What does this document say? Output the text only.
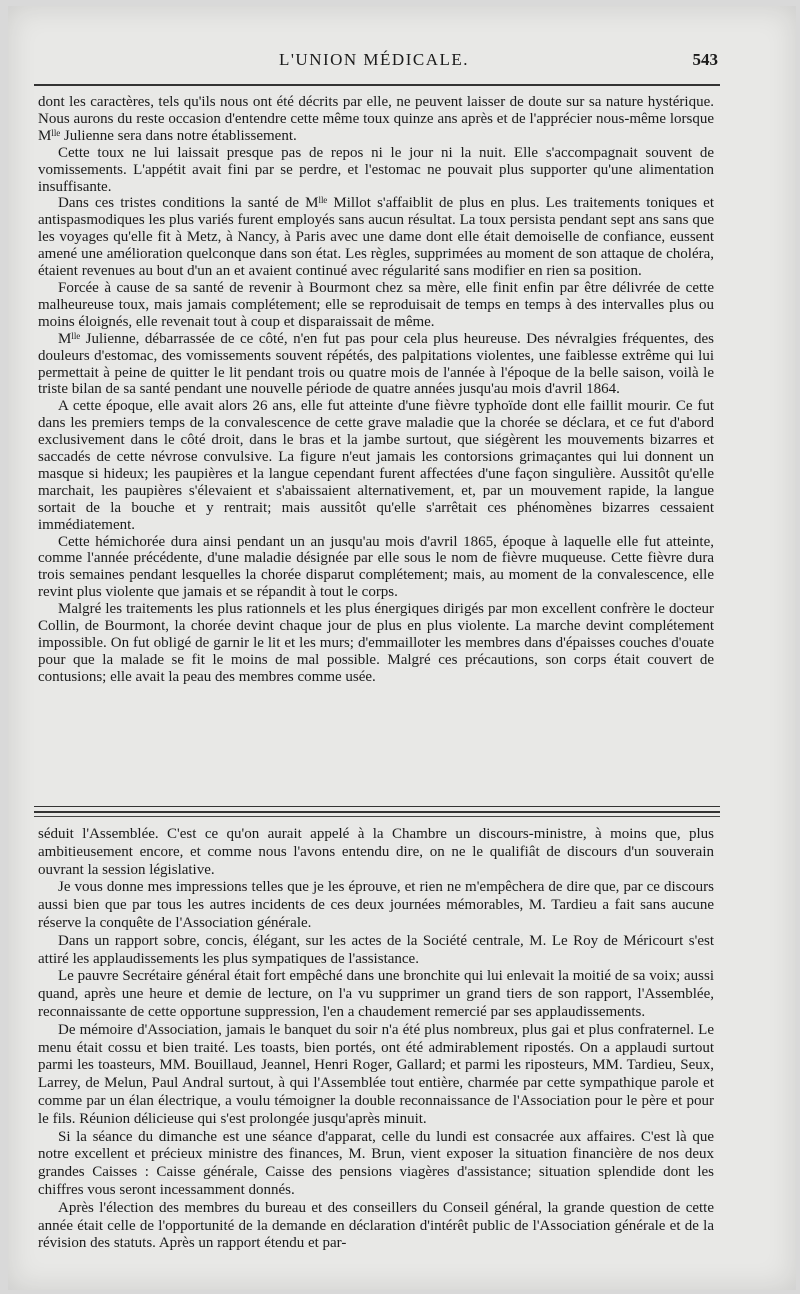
L'UNION MÉDICALE.	543

dont les caractères, tels qu'ils nous ont été décrits par elle, ne peuvent laisser de doute sur sa nature hystérique. Nous aurons du reste occasion d'entendre cette même toux quinze ans après et de l'apprécier nous-même lorsque Mˡˡᵉ Julienne sera dans notre établissement.

Cette toux ne lui laissait presque pas de repos ni le jour ni la nuit. Elle s'accompagnait souvent de vomissements. L'appétit avait fini par se perdre, et l'estomac ne pouvait plus supporter qu'une alimentation insuffisante.

Dans ces tristes conditions la santé de Mˡˡᵉ Millot s'affaiblit de plus en plus. Les traitements toniques et antispasmodiques les plus variés furent employés sans aucun résultat. La toux persista pendant sept ans sans que les voyages qu'elle fit à Metz, à Nancy, à Paris avec une dame dont elle était demoiselle de confiance, eussent amené une amélioration quelconque dans son état. Les règles, supprimées au moment de son attaque de choléra, étaient revenues au bout d'un an et avaient continué avec régularité sans modifier en rien sa position.

Forcée à cause de sa santé de revenir à Bourmont chez sa mère, elle finit enfin par être délivrée de cette malheureuse toux, mais jamais complétement; elle se reproduisait de temps en temps à des intervalles plus ou moins éloignés, elle revenait tout à coup et disparaissait de même.

Mˡˡᵉ Julienne, débarrassée de ce côté, n'en fut pas pour cela plus heureuse. Des névralgies fréquentes, des douleurs d'estomac, des vomissements souvent répétés, des palpitations violentes, une faiblesse extrême qui lui permettait à peine de quitter le lit pendant trois ou quatre mois de l'année à l'époque de la belle saison, voilà le triste bilan de sa santé pendant une nouvelle période de quatre années jusqu'au mois d'avril 1864.

A cette époque, elle avait alors 26 ans, elle fut atteinte d'une fièvre typhoïde dont elle faillit mourir. Ce fut dans les premiers temps de la convalescence de cette grave maladie que la chorée se déclara, et ce fut d'abord exclusivement dans le côté droit, dans le bras et la jambe surtout, que siégèrent les mouvements bizarres et saccadés de cette névrose convulsive. La figure n'eut jamais les contorsions grimaçantes qui lui donnent un masque si hideux; les paupières et la langue cependant furent affectées d'une façon singulière. Aussitôt qu'elle marchait, les paupières s'élevaient et s'abaissaient alternativement, et, par un mouvement rapide, la langue sortait de la bouche et y rentrait; mais aussitôt qu'elle s'arrêtait ces phénomènes bizarres cessaient immédiatement.

Cette hémichorée dura ainsi pendant un an jusqu'au mois d'avril 1865, époque à laquelle elle fut atteinte, comme l'année précédente, d'une maladie désignée par elle sous le nom de fièvre muqueuse. Cette fièvre dura trois semaines pendant lesquelles la chorée disparut complétement; mais, au moment de la convalescence, elle revint plus violente que jamais et se répandit à tout le corps.

Malgré les traitements les plus rationnels et les plus énergiques dirigés par mon excellent confrère le docteur Collin, de Bourmont, la chorée devint chaque jour de plus en plus violente. La marche devint complétement impossible. On fut obligé de garnir le lit et les murs; d'emmailloter les membres dans d'épaisses couches d'ouate pour que la malade se fit le moins de mal possible. Malgré ces précautions, son corps était couvert de contusions; elle avait la peau des membres comme usée.

séduit l'Assemblée. C'est ce qu'on aurait appelé à la Chambre un discours-ministre, à moins que, plus ambitieusement encore, et comme nous l'avons entendu dire, on ne le qualifiât de discours d'un souverain ouvrant la session législative.

Je vous donne mes impressions telles que je les éprouve, et rien ne m'empêchera de dire que, par ce discours aussi bien que par tous les autres incidents de ces deux journées mémorables, M. Tardieu a fait sans aucune réserve la conquête de l'Association générale.

Dans un rapport sobre, concis, élégant, sur les actes de la Société centrale, M. Le Roy de Méricourt s'est attiré les applaudissements les plus sympatiques de l'assistance.

Le pauvre Secrétaire général était fort empêché dans une bronchite qui lui enlevait la moitié de sa voix; aussi quand, après une heure et demie de lecture, on l'a vu supprimer un grand tiers de son rapport, l'Assemblée, reconnaissante de cette opportune suppression, l'en a chaudement remercié par ses applaudissements.

De mémoire d'Association, jamais le banquet du soir n'a été plus nombreux, plus gai et plus confraternel. Le menu était cossu et bien traité. Les toasts, bien portés, ont été admirablement ripostés. On a applaudi surtout parmi les toasteurs, MM. Bouillaud, Jeannel, Henri Roger, Gallard; et parmi les riposteurs, MM. Tardieu, Seux, Larrey, de Melun, Paul Andral surtout, à qui l'Assemblée tout entière, charmée par cette sympathique parole et comme par un élan électrique, a voulu témoigner la double reconnaissance de l'Association pour le père et pour le fils. Réunion délicieuse qui s'est prolongée jusqu'après minuit.

Si la séance du dimanche est une séance d'apparat, celle du lundi est consacrée aux affaires. C'est là que notre excellent et précieux ministre des finances, M. Brun, vient exposer la situation financière de nos deux grandes Caisses : Caisse générale, Caisse des pensions viagères d'assistance; situation splendide dont les chiffres vous seront incessamment donnés.

Après l'élection des membres du bureau et des conseillers du Conseil général, la grande question de cette année était celle de l'opportunité de la demande en déclaration d'intérêt public de l'Association générale et de la révision des statuts. Après un rapport étendu et par-
